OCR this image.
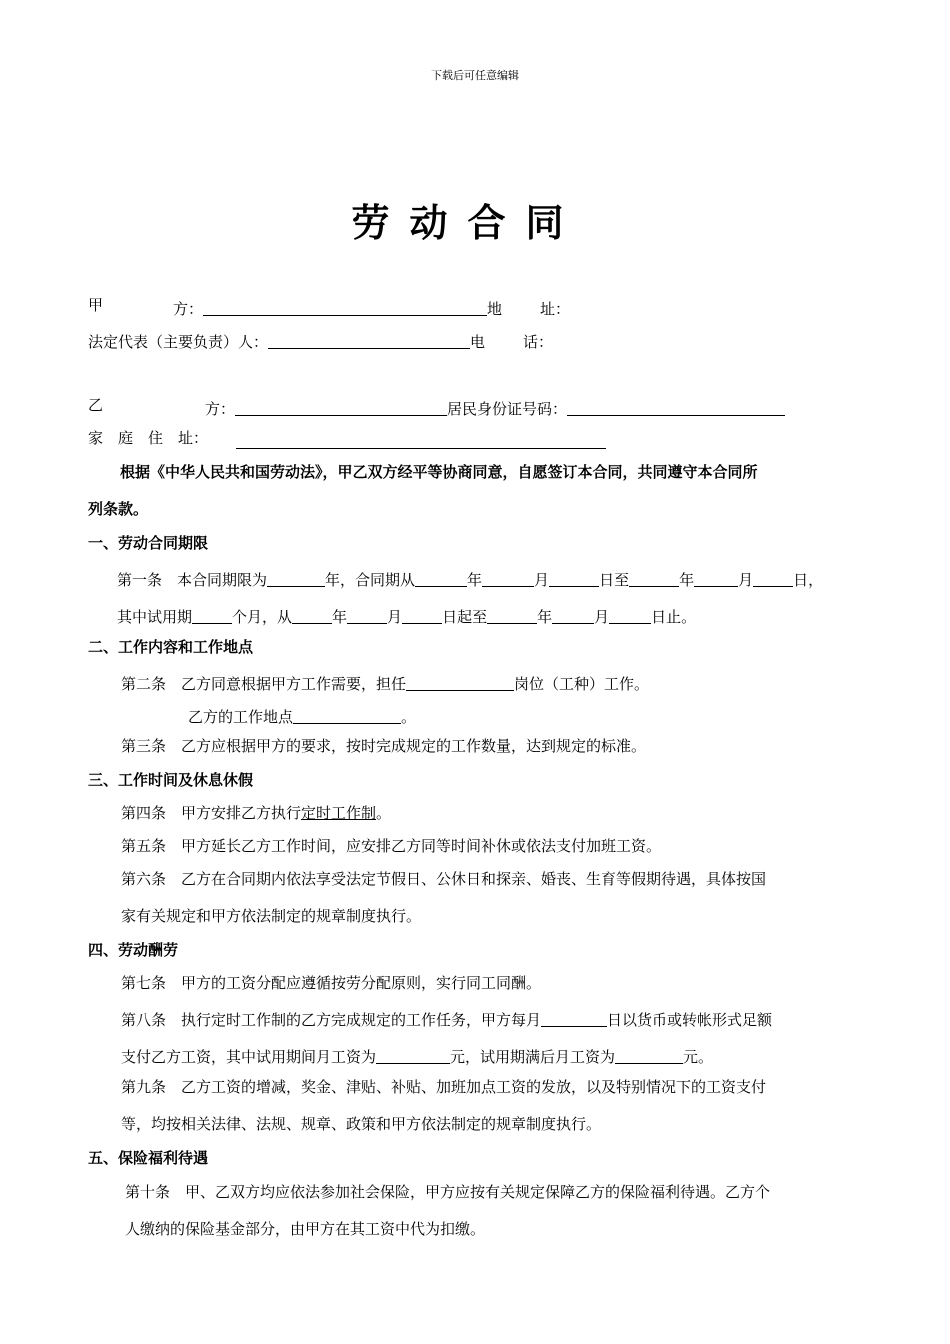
下载后可任意编辑
劳动合同
甲	方：	地	址：
法定代表（主要负责）人：	电	话：
乙	方：	居民身份证号码：
家 庭 住 址：
根据《中华人民共和国劳动法》，甲乙双方经平等协商同意，自愿签订本合同，共同遵守本合同所
列条款。
一、劳动合同期限
第一条　本合同期限为	年，合同期从	年	月	日至	年	月	日，
其中试用期	个月，从	年	月	日起至	年	月	日止。
二、工作内容和工作地点
第二条　乙方同意根据甲方工作需要，担任	岗位（工种）工作。
乙方的工作地点	。
第三条　乙方应根据甲方的要求，按时完成规定的工作数量，达到规定的标准。
三、工作时间及休息休假
第四条　甲方安排乙方执行定时工作制。
第五条　甲方延长乙方工作时间，应安排乙方同等时间补休或依法支付加班工资。
第六条　乙方在合同期内依法享受法定节假日、公休日和探亲、婚丧、生育等假期待遇，具体按国
家有关规定和甲方依法制定的规章制度执行。
四、劳动酬劳
第七条　甲方的工资分配应遵循按劳分配原则，实行同工同酬。
第八条　执行定时工作制的乙方完成规定的工作任务，甲方每月	日以货币或转帐形式足额
支付乙方工资，其中试用期间月工资为	元，试用期满后月工资为	元。
第九条　乙方工资的增减，奖金、津贴、补贴、加班加点工资的发放，以及特别情况下的工资支付
等，均按相关法律、法规、规章、政策和甲方依法制定的规章制度执行。
五、保险福利待遇
第十条　甲、乙双方均应依法参加社会保险，甲方应按有关规定保障乙方的保险福利待遇。乙方个
人缴纳的保险基金部分，由甲方在其工资中代为扣缴。
